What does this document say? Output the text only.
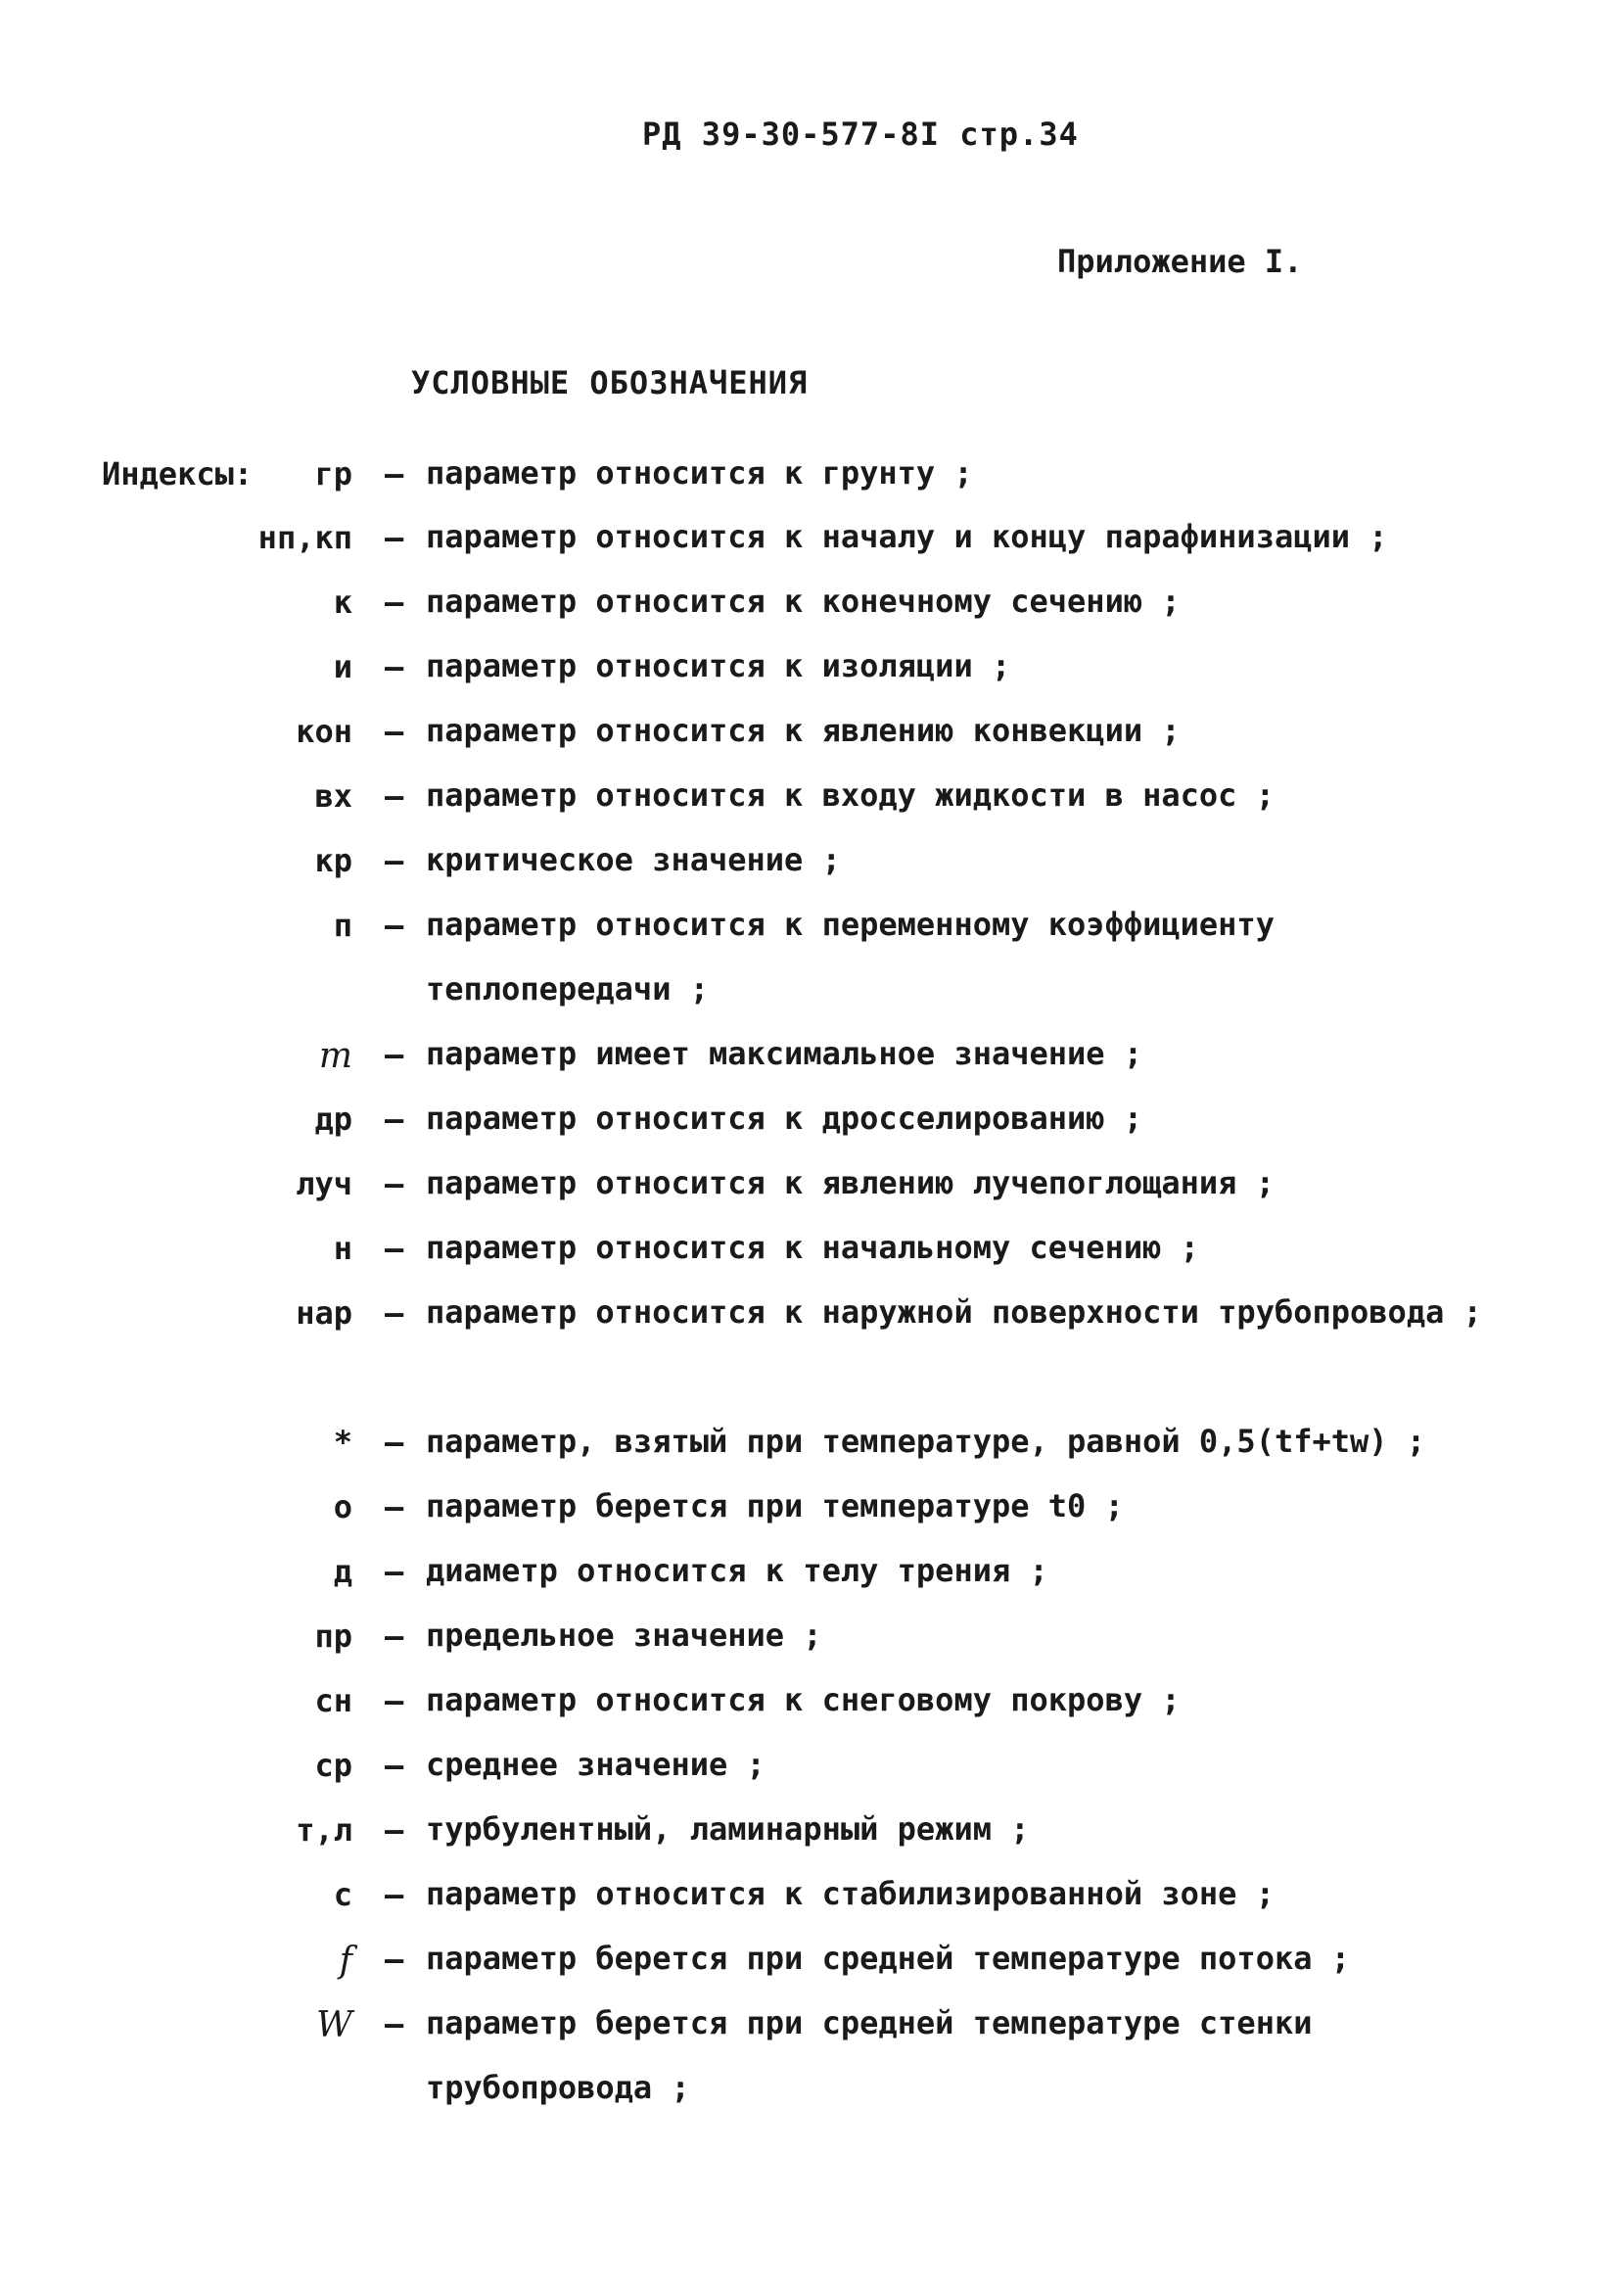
РД 39-30-577-8I стр.34
Приложение I.
УСЛОВНЫЕ ОБОЗНАЧЕНИЯ
Индексы:	гр – параметр относится к грунту ;
нп,кп – параметр относится к началу и концу парафинизации ;
к – параметр относится к конечному сечению ;
и – параметр относится к изоляции ;
кон – параметр относится к явлению конвекции ;
вх – параметр относится к входу жидкости в насос ;
кр – критическое значение ;
п – параметр относится к переменному коэффициенту теплопередачи ;
m – параметр имеет максимальное значение ;
др – параметр относится к дросселированию ;
луч – параметр относится к явлению лучепоглощания ;
н – параметр относится к начальному сечению ;
нар – параметр относится к наружной поверхности трубопровода ;
* – параметр, взятый при температуре, равной 0,5(tf+tw) ;
о – параметр берется при температуре t0 ;
д – диаметр относится к телу трения ;
пр – предельное значение ;
сн – параметр относится к снеговому покрову ;
ср – среднее значение ;
т,л – турбулентный, ламинарный режим ;
с – параметр относится к стабилизированной зоне ;
f – параметр берется при средней температуре потока ;
W – параметр берется при средней температуре стенки трубопровода ;
